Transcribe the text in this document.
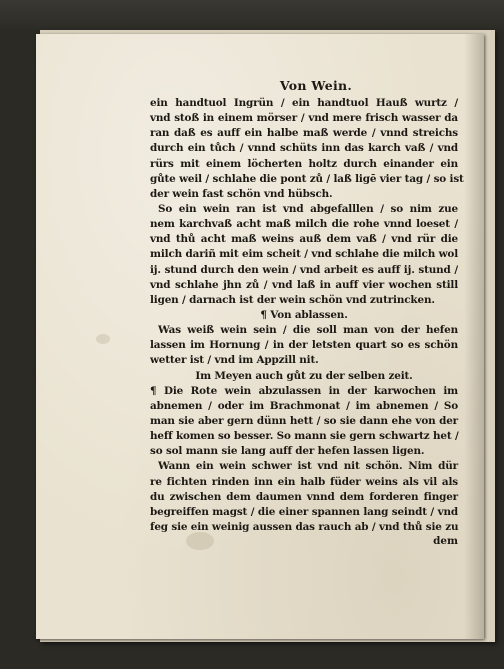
Von Wein.
ein handtuol Ingrün / ein handtuol Hauß wurtz /
vnd stoß in einem mörser / vnd mere frisch wasser da
ran daß es auff ein halbe maß werde / vnnd streichs
durch ein tůch / vnnd schüts inn das karch vaß / vnd
rürs mit einem löcherten holtz durch einander ein
gůte weil / schlahe die pont zů / laß ligē vier tag / so ist
der wein fast schön vnd hübsch.
So ein wein ran ist vnd abgefalllen / so nim zue
nem karchvaß acht maß milch die rohe vnnd loeset /
vnd thů acht maß weins auß dem vaß / vnd rür die
milch dariñ mit eim scheit / vnd schlahe die milch wol
ij. stund durch den wein / vnd arbeit es auff ij. stund /
vnd schlahe jhn zů / vnd laß in auff vier wochen still
ligen / darnach ist der wein schön vnd zutrincken.
¶ Von ablassen.
Was weiß wein sein / die soll man von der hefen
lassen im Hornung / in der letsten quart so es schön
wetter ist / vnd im Appzill nit.
Im Meyen auch gůt zu der selben zeit.
¶ Die Rote wein abzulassen in der karwochen im
abnemen / oder im Brachmonat / im abnemen / So
man sie aber gern dünn hett / so sie dann ehe von der
heff komen so besser. So mann sie gern schwartz het /
so sol mann sie lang auff der hefen lassen ligen.
Wann ein wein schwer ist vnd nit schön. Nim dür
re fichten rinden inn ein halb füder weins als vil als
du zwischen dem daumen vnnd dem forderen finger
begreiffen magst / die einer spannen lang seindt / vnd
feg sie ein weinig aussen das rauch ab / vnd thů sie zu
dem
